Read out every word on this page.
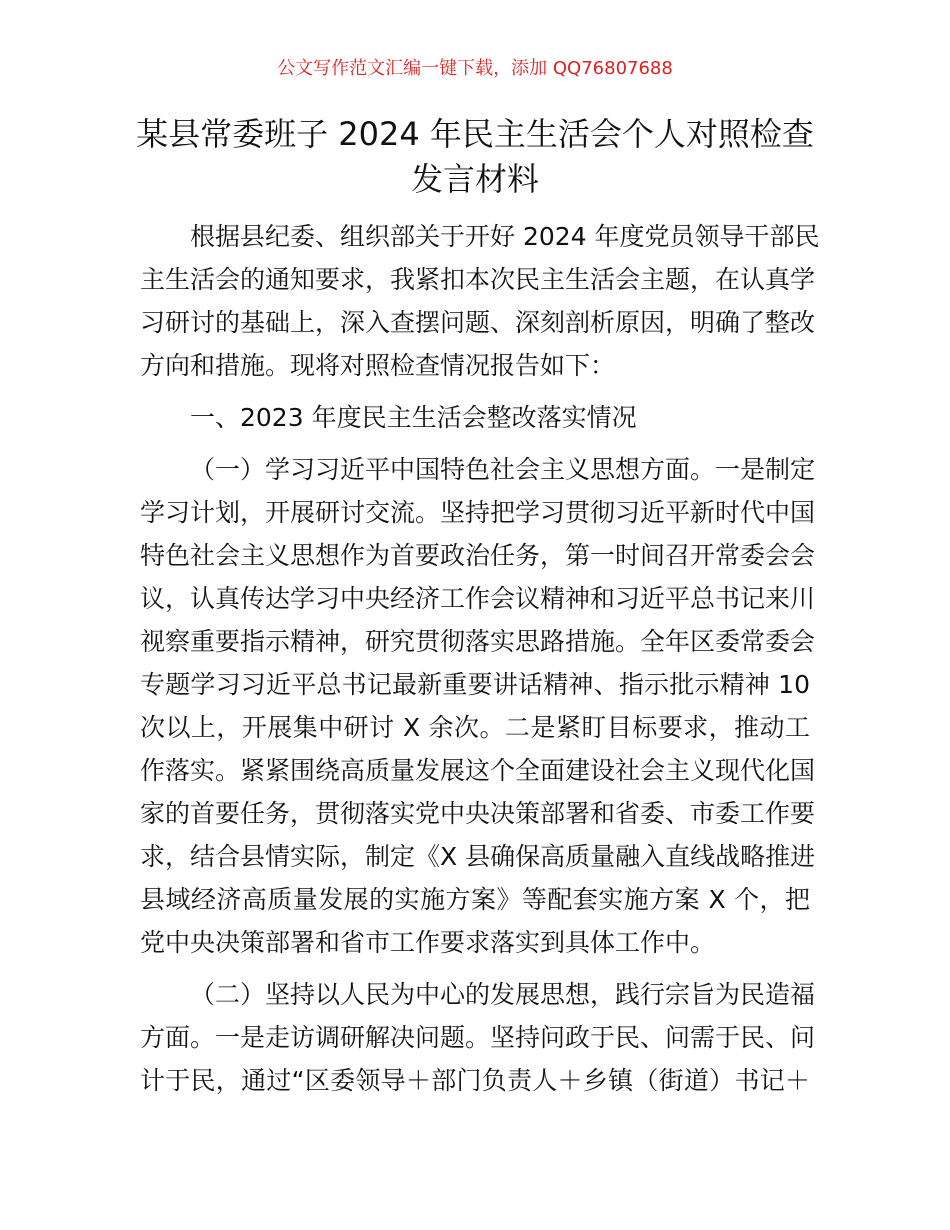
公文写作范文汇编一键下载，添加 QQ76807688
某县常委班子 2024 年民主生活会个人对照检查
发言材料
根据县纪委、组织部关于开好 2024 年度党员领导干部民
主生活会的通知要求，我紧扣本次民主生活会主题，在认真学
习研讨的基础上，深入查摆问题、深刻剖析原因，明确了整改
方向和措施。现将对照检查情况报告如下：
一、2023 年度民主生活会整改落实情况
（一）学习习近平中国特色社会主义思想方面。一是制定
学习计划，开展研讨交流。坚持把学习贯彻习近平新时代中国
特色社会主义思想作为首要政治任务，第一时间召开常委会会
议，认真传达学习中央经济工作会议精神和习近平总书记来川
视察重要指示精神，研究贯彻落实思路措施。全年区委常委会
专题学习习近平总书记最新重要讲话精神、指示批示精神 10
次以上，开展集中研讨 X 余次。二是紧盯目标要求，推动工
作落实。紧紧围绕高质量发展这个全面建设社会主义现代化国
家的首要任务，贯彻落实党中央决策部署和省委、市委工作要
求，结合县情实际，制定《X 县确保高质量融入直线战略推进
县域经济高质量发展的实施方案》等配套实施方案 X 个，把
党中央决策部署和省市工作要求落实到具体工作中。
（二）坚持以人民为中心的发展思想，践行宗旨为民造福
方面。一是走访调研解决问题。坚持问政于民、问需于民、问
计于民，通过“区委领导＋部门负责人＋乡镇（街道）书记＋
